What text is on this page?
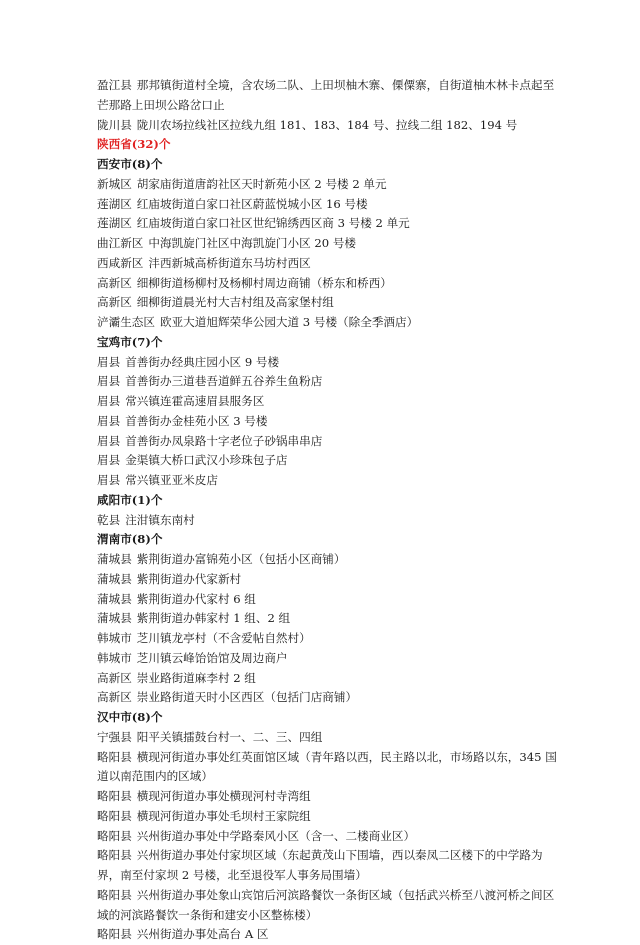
盈江县 那邦镇街道村全境，含农场二队、上田坝柚木寨、傈僳寨，自街道柚木林卡点起至芒那路上田坝公路岔口止
陇川县 陇川农场拉线社区拉线九组 181、183、184 号、拉线二组 182、194 号
陕西省(32)个
西安市(8)个
新城区 胡家庙街道唐韵社区天时新苑小区 2 号楼 2 单元
莲湖区 红庙坡街道白家口社区蔚蓝悦城小区 16 号楼
莲湖区 红庙坡街道白家口社区世纪锦绣西区商 3 号楼 2 单元
曲江新区 中海凯旋门社区中海凯旋门小区 20 号楼
西咸新区 沣西新城高桥街道东马坊村西区
高新区 细柳街道杨柳村及杨柳村周边商铺（桥东和桥西）
高新区 细柳街道晨光村大吉村组及高家堡村组
浐灞生态区 欧亚大道旭辉荣华公园大道 3 号楼（除全季酒店）
宝鸡市(7)个
眉县 首善街办经典庄园小区 9 号楼
眉县 首善街办三道巷吾道鲜五谷养生鱼粉店
眉县 常兴镇连霍高速眉县服务区
眉县 首善街办金桂苑小区 3 号楼
眉县 首善街办凤泉路十字老位子砂锅串串店
眉县 金渠镇大桥口武汉小珍珠包子店
眉县 常兴镇亚亚米皮店
咸阳市(1)个
乾县 注泔镇东南村
渭南市(8)个
蒲城县 紫荆街道办富锦苑小区（包括小区商铺）
蒲城县 紫荆街道办代家新村
蒲城县 紫荆街道办代家村 6 组
蒲城县 紫荆街道办韩家村 1 组、2 组
韩城市 芝川镇龙亭村（不含爱帖自然村）
韩城市 芝川镇云峰饴饴馆及周边商户
高新区 崇业路街道麻李村 2 组
高新区 崇业路街道天时小区西区（包括门店商铺）
汉中市(8)个
宁强县 阳平关镇擂鼓台村一、二、三、四组
略阳县 横现河街道办事处红英面馆区域（青年路以西，民主路以北，市场路以东，345 国道以南范围内的区域）
略阳县 横现河街道办事处横现河村寺湾组
略阳县 横现河街道办事处毛坝村王家院组
略阳县 兴州街道办事处中学路秦风小区（含一、二楼商业区）
略阳县 兴州街道办事处付家坝区域（东起黄茂山下围墙，西以秦凤二区楼下的中学路为界，南至付家坝 2 号楼，北至退役军人事务局围墙）
略阳县 兴州街道办事处象山宾馆后河滨路餐饮一条街区域（包括武兴桥至八渡河桥之间区域的河滨路餐饮一条街和建安小区整栋楼）
略阳县 兴州街道办事处高台 A 区
